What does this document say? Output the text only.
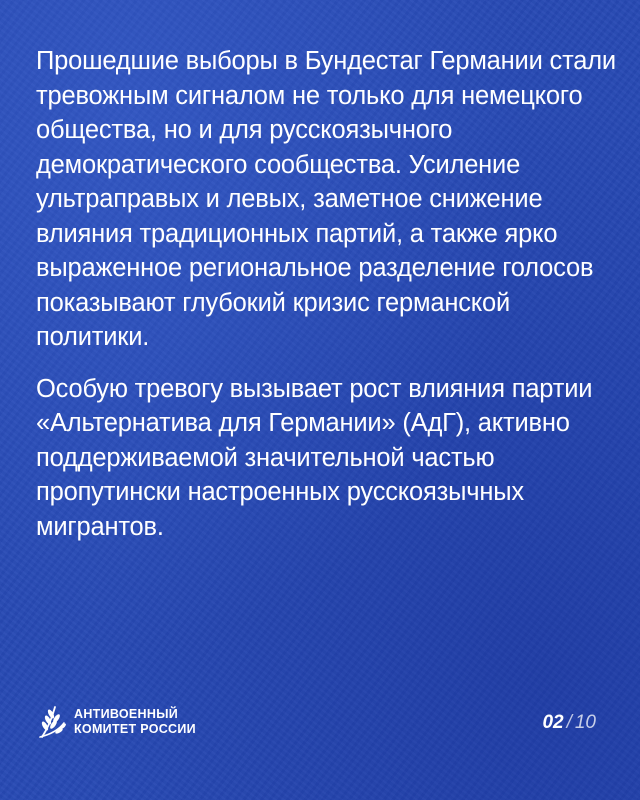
Прошедшие выборы в Бундестаг Германии стали тревожным сигналом не только для немецкого общества, но и для русскоязычного демократического сообщества. Усиление ультраправых и левых, заметное снижение влияния традиционных партий, а также ярко выраженное региональное разделение голосов показывают глубокий кризис германской политики.

Особую тревогу вызывает рост влияния партии «Альтернатива для Германии» (АдГ), активно поддерживаемой значительной частью пропутински настроенных русскоязычных мигрантов.

АНТИВОЕННЫЙ
КОМИТЕТ РОССИИ	02 / 10
